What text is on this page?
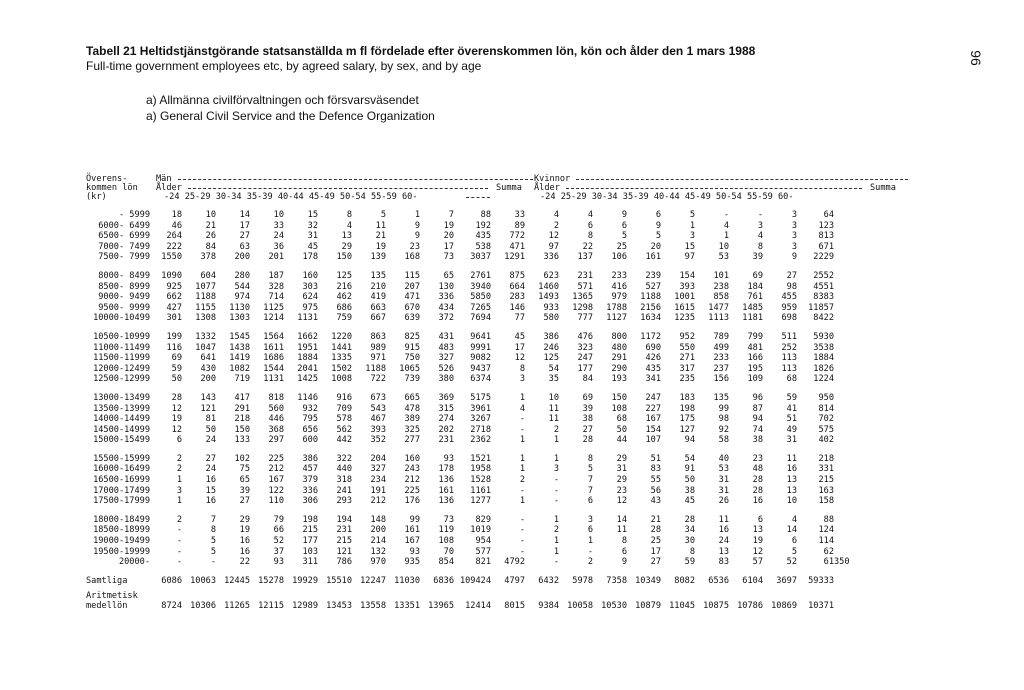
Tabell 21 Heltidstjänstgörande statsanställda m fl fördelade efter överenskommen lön, kön och ålder den 1 mars 1988
Full-time government employees etc, by agreed salary, by sex, and by age
96
a) Allmänna civilförvaltningen och försvarsväsendet
a) General Civil Service and the Defence Organization
Överens-
kommen lön
(kr)
Män	Kvinnor
Ålder	Summa Ålder	Summa
-24 25-29 30-34 35-39 40-44 45-49 50-54 55-59 60-	-24 25-29 30-34 35-39 40-44 45-49 50-54 55-59 60-
- 5999	18	10	14	10	15	8	5	1	7	88	33	4	4	9	6	5	-	-	3	64
6000- 6499	46	21	17	33	32	4	11	9	19	192	89	2	6	6	9	1	4	3	3	123
6500- 6999	264	26	27	24	31	13	21	9	20	435	772	12	8	5	5	3	1	4	3	813
7000- 7499	222	84	63	36	45	29	19	23	17	538	471	97	22	25	20	15	10	8	3	671
7500- 7999	1550	378	200	201	178	150	139	168	73	3037	1291	336	137	106	161	97	53	39	9	2229
8000- 8499	1090	604	280	187	160	125	135	115	65	2761	875	623	231	233	239	154	101	69	27	2552
8500- 8999	925	1077	544	328	303	216	210	207	130	3940	664	1460	571	416	527	393	238	184	98	4551
9000- 9499	662	1188	974	714	624	462	419	471	336	5850	283	1493	1365	979	1188	1001	858	761	455	8383
9500- 9999	427	1155	1130	1125	975	686	663	670	434	7265	146	933	1298	1788	2156	1615	1477	1485	959	11857
10000-10499	301	1308	1303	1214	1131	759	667	639	372	7694	77	580	777	1127	1634	1235	1113	1181	698	8422
10500-10999	199	1332	1545	1564	1662	1220	863	825	431	9641	45	386	476	800	1172	952	789	799	511	5930
11000-11499	116	1047	1438	1611	1951	1441	989	915	483	9991	17	246	323	480	690	550	499	481	252	3538
11500-11999	69	641	1419	1686	1884	1335	971	750	327	9082	12	125	247	291	426	271	233	166	113	1884
12000-12499	59	430	1082	1544	2041	1502	1188	1065	526	9437	8	54	177	290	435	317	237	195	113	1826
12500-12999	50	200	719	1131	1425	1008	722	739	380	6374	3	35	84	193	341	235	156	109	68	1224
13000-13499	28	143	417	818	1146	916	673	665	369	5175	1	10	69	150	247	183	135	96	59	950
13500-13999	12	121	291	560	932	709	543	478	315	3961	4	11	39	108	227	198	99	87	41	814
14000-14499	19	81	218	446	795	578	467	389	274	3267	-	11	38	68	167	175	98	94	51	702
14500-14999	12	50	150	368	656	562	393	325	202	2718	-	2	27	50	154	127	92	74	49	575
15000-15499	6	24	133	297	600	442	352	277	231	2362	1	1	28	44	107	94	58	38	31	402
15500-15999	2	27	102	225	386	322	204	160	93	1521	1	1	8	29	51	54	40	23	11	218
16000-16499	2	24	75	212	457	440	327	243	178	1958	1	3	5	31	83	91	53	48	16	331
16500-16999	1	16	65	167	379	318	234	212	136	1528	2	-	7	29	55	50	31	28	13	215
17000-17499	3	15	39	122	336	241	191	225	161	1161	-	-	7	23	56	38	31	28	13	163
17500-17999	1	16	27	110	306	293	212	176	136	1277	1	-	6	12	43	45	26	16	10	158
18000-18499	2	7	29	79	198	194	148	99	73	829	-	1	3	14	21	28	11	6	4	88
18500-18999	-	8	19	66	215	231	200	161	119	1019	-	2	6	11	28	34	16	13	14	124
19000-19499	-	5	16	52	177	215	214	167	108	954	-	1	1	8	25	30	24	19	6	114
19500-19999	-	5	16	37	103	121	132	93	70	577	-	1	-	6	17	8	13	12	5	62
20000-	-	-	22	93	311	786	970	935	854	821	4792	-	2	9	27	59	83	57	52	61 350
Samtliga	6086 10063 12445 15278 19929 15510 12247 11030	6836 109424	4797	6432	5978	7358 10349	8082	6536	6104	3697	59333
Aritmetisk
medellön	8724 10306 11265 12115 12989 13453 13558 13351 13965	12414	8015	9384 10058 10530 10879 11045 10875 10786 10869	10371
